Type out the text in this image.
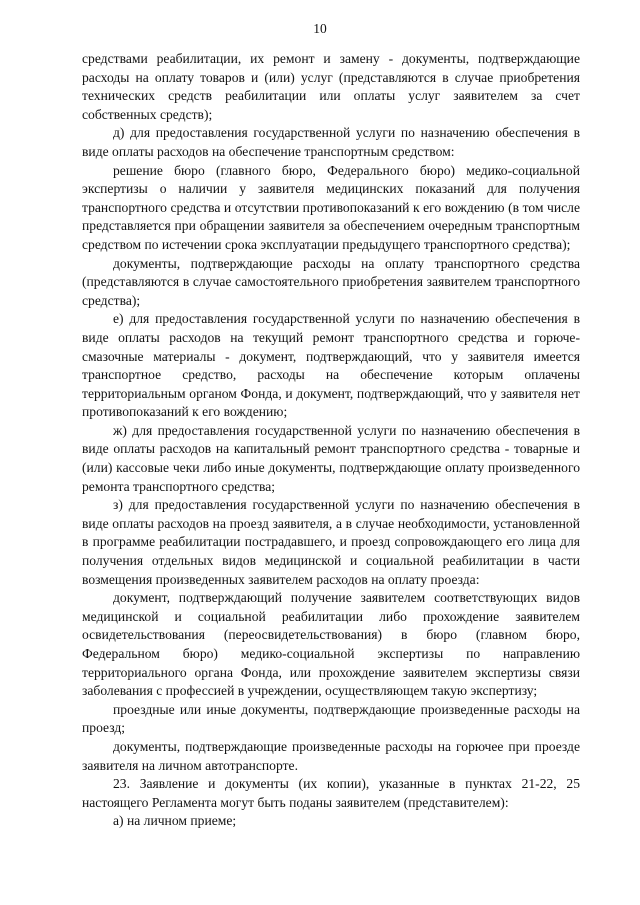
10

средствами реабилитации, их ремонт и замену - документы, подтверждающие расходы на оплату товаров и (или) услуг (представляются в случае приобретения технических средств реабилитации или оплаты услуг заявителем за счет собственных средств);

д) для предоставления государственной услуги по назначению обеспечения в виде оплаты расходов на обеспечение транспортным средством:

решение бюро (главного бюро, Федерального бюро) медико-социальной экспертизы о наличии у заявителя медицинских показаний для получения транспортного средства и отсутствии противопоказаний к его вождению (в том числе представляется при обращении заявителя за обеспечением очередным транспортным средством по истечении срока эксплуатации предыдущего транспортного средства);

документы, подтверждающие расходы на оплату транспортного средства (представляются в случае самостоятельного приобретения заявителем транспортного средства);

е) для предоставления государственной услуги по назначению обеспечения в виде оплаты расходов на текущий ремонт транспортного средства и горюче-смазочные материалы - документ, подтверждающий, что у заявителя имеется транспортное средство, расходы на обеспечение которым оплачены территориальным органом Фонда, и документ, подтверждающий, что у заявителя нет противопоказаний к его вождению;

ж) для предоставления государственной услуги по назначению обеспечения в виде оплаты расходов на капитальный ремонт транспортного средства - товарные и (или) кассовые чеки либо иные документы, подтверждающие оплату произведенного ремонта транспортного средства;

з) для предоставления государственной услуги по назначению обеспечения в виде оплаты расходов на проезд заявителя, а в случае необходимости, установленной в программе реабилитации пострадавшего, и проезд сопровождающего его лица для получения отдельных видов медицинской и социальной реабилитации в части возмещения произведенных заявителем расходов на оплату проезда:

документ, подтверждающий получение заявителем соответствующих видов медицинской и социальной реабилитации либо прохождение заявителем освидетельствования (переосвидетельствования) в бюро (главном бюро, Федеральном бюро) медико-социальной экспертизы по направлению территориального органа Фонда, или прохождение заявителем экспертизы связи заболевания с профессией в учреждении, осуществляющем такую экспертизу;

проездные или иные документы, подтверждающие произведенные расходы на проезд;

документы, подтверждающие произведенные расходы на горючее при проезде заявителя на личном автотранспорте.

23. Заявление и документы (их копии), указанные в пунктах 21-22, 25 настоящего Регламента могут быть поданы заявителем (представителем):

а) на личном приеме;
